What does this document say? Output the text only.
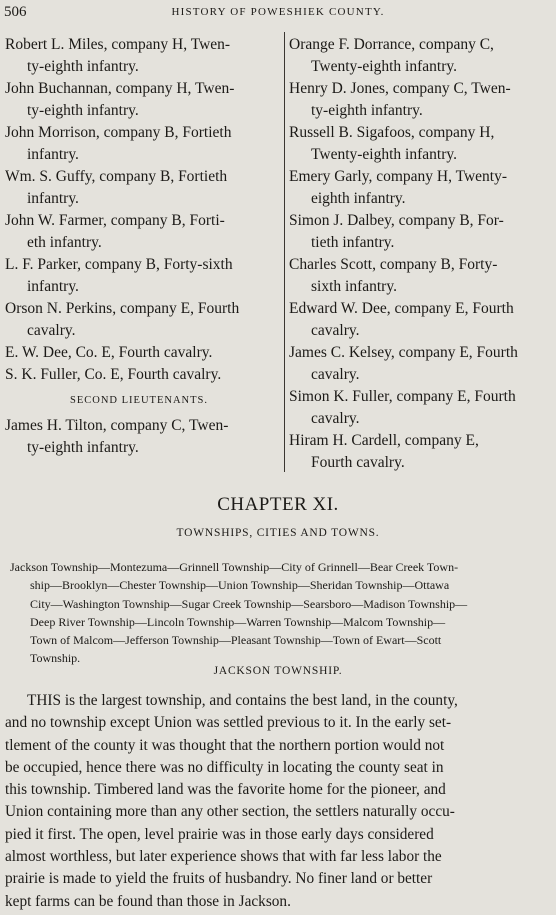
506	HISTORY OF POWESHIEK COUNTY.
Robert L. Miles, company H, Twen-
ty-eighth infantry.
John Buchannan, company H, Twen-
ty-eighth infantry.
John Morrison, company B, Fortieth
infantry.
Wm. S. Guffy, company B, Fortieth
infantry.
John W. Farmer, company B, Forti-
eth infantry.
L. F. Parker, company B, Forty-sixth
infantry.
Orson N. Perkins, company E, Fourth
cavalry.
E. W. Dee, Co. E, Fourth cavalry.
S. K. Fuller, Co. E, Fourth cavalry.
SECOND LIEUTENANTS.
James H. Tilton, company C, Twen-
ty-eighth infantry.
Orange F. Dorrance, company C,
Twenty-eighth infantry.
Henry D. Jones, company C, Twen-
ty-eighth infantry.
Russell B. Sigafoos, company H,
Twenty-eighth infantry.
Emery Garly, company H, Twenty-
eighth infantry.
Simon J. Dalbey, company B, For-
tieth infantry.
Charles Scott, company B, Forty-
sixth infantry.
Edward W. Dee, company E, Fourth
cavalry.
James C. Kelsey, company E, Fourth
cavalry.
Simon K. Fuller, company E, Fourth
cavalry.
Hiram H. Cardell, company E,
Fourth cavalry.
CHAPTER XI.
TOWNSHIPS, CITIES AND TOWNS.
Jackson Township—Montezuma—Grinnell Township—City of Grinnell—Bear Creek Town-
ship—Brooklyn—Chester Township—Union Township—Sheridan Township—Ottawa
City—Washington Township—Sugar Creek Township—Searsboro—Madison Township—
Deep River Township—Lincoln Township—Warren Township—Malcom Township—
Town of Malcom—Jefferson Township—Pleasant Township—Town of Ewart—Scott
Township.
JACKSON TOWNSHIP.
THIS is the largest township, and contains the best land, in the county,
and no township except Union was settled previous to it. In the early set-
tlement of the county it was thought that the northern portion would not
be occupied, hence there was no difficulty in locating the county seat in
this township. Timbered land was the favorite home for the pioneer, and
Union containing more than any other section, the settlers naturally occu-
pied it first. The open, level prairie was in those early days considered
almost worthless, but later experience shows that with far less labor the
prairie is made to yield the fruits of husbandry. No finer land or better
kept farms can be found than those in Jackson.
